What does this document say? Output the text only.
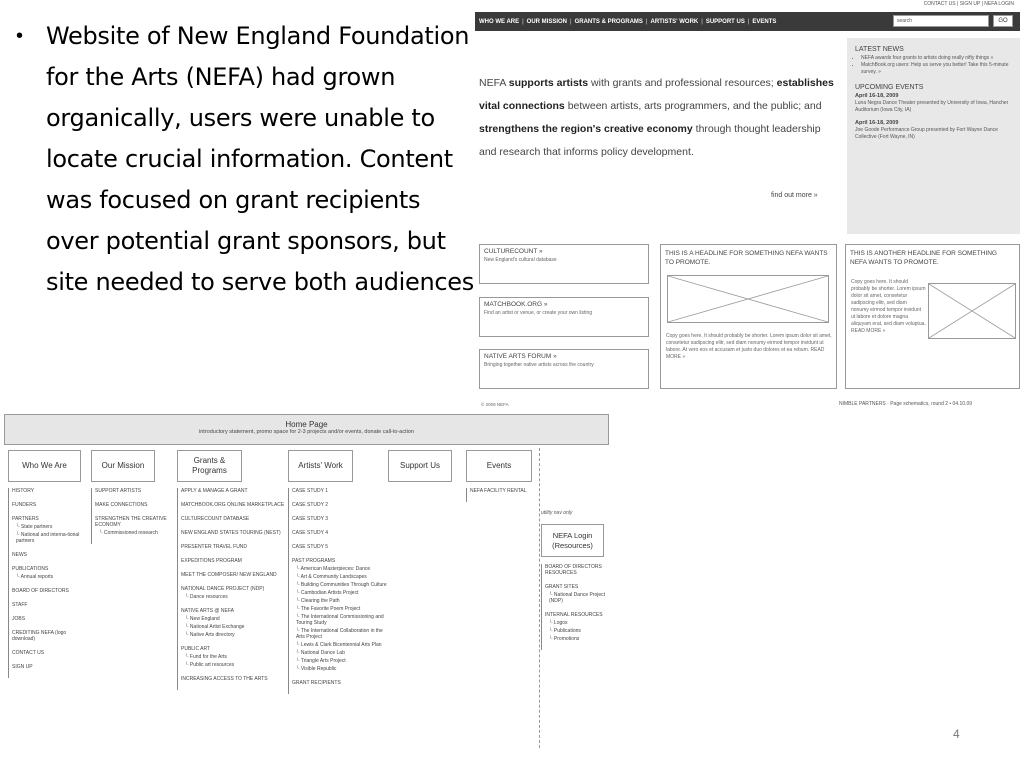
• Website of New England Foundation for the Arts (NEFA) had grown organically, users were unable to locate crucial information. Content was focused on grant recipients over potential grant sponsors, but site needed to serve both audiences
CONTACT US | SIGN UP | NEFA LOGIN
WHO WE ARE | OUR MISSION | GRANTS & PROGRAMS | ARTISTS' WORK | SUPPORT US | EVENTS	search	GO
NEFA supports artists with grants and professional resources; establishes vital connections between artists, arts programmers, and the public; and strengthens the region's creative economy through thought leadership and research that informs policy development.
find out more »
LATEST NEWS
• NEFA awards four grants to artists doing really nifty things »
• MatchBook.org users: Help us serve you better! Take this 5-minute survey. »
UPCOMING EVENTS
April 16-18, 2009
Luna Negra Dance Theater presented by University of Iowa, Hancher Auditorium (Iowa City, IA)
April 16-18, 2009
Joe Goode Performance Group presented by Fort Wayne Dance Collective (Fort Wayne, IN)
CULTURECOUNT »
New England's cultural database
MATCHBOOK.ORG »
Find an artist or venue, or create your own listing
NATIVE ARTS FORUM »
Bringing together native artists across the country
THIS IS A HEADLINE FOR SOMETHING NEFA WANTS TO PROMOTE.
Copy goes here. It should probably be shorter. Lorem ipsum dolor sit amet, consetetur sadipscing elitr, sed diam nonumy eirmod tempor invidunt ut labore. At vero eos et accusam et justo duo dolores et ea rebum. READ MORE »
THIS IS ANOTHER HEADLINE FOR SOMETHING NEFA WANTS TO PROMOTE.
Copy goes here. It should probably be shorter. Lorem ipsum dolor sit amet, consetetur sadipscing elitr, sed diam nonumy eirmod tempor invidunt ut labore et dolore magna aliquyam erat, sed diam voluptua. READ MORE »
© 2009 NEFA	NIMBLE PARTNERS · Page schematics, round 2 • 04.10.09
Home Page
introductory statement, promo space for 2-3 projects and/or events, donate call-to-action
Who We Are	Our Mission
Grants & Programs
Artists' Work	Support Us	Events
HISTORY
FUNDERS
PARTNERS
└ State partners
└ National and interna-tional partners
NEWS
PUBLICATIONS
└ Annual reports
BOARD OF DIRECTORS
STAFF
JOBS
CREDITING NEFA (logo download)
CONTACT US
SIGN UP
SUPPORT ARTISTS
MAKE CONNECTIONS
STRENGTHEN THE CREATIVE ECONOMY
└ Commissioned research
APPLY & MANAGE A GRANT
MATCHBOOK.ORG ONLINE MARKETPLACE
CULTURECOUNT DATABASE
NEW ENGLAND STATES TOURING (NEST)
PRESENTER TRAVEL FUND
EXPEDITIONS PROGRAM
MEET THE COMPOSER/ NEW ENGLAND
NATIONAL DANCE PROJECT (NDP)
└ Dance resources
NATIVE ARTS @ NEFA
└ New England
└ National Artist Exchange
└ Native Arts directory
PUBLIC ART
└ Fund for the Arts
└ Public art resources
INCREASING ACCESS TO THE ARTS
CASE STUDY 1
CASE STUDY 2
CASE STUDY 3
CASE STUDY 4
CASE STUDY 5
PAST PROGRAMS
└ American Masterpieces: Dance
└ Art & Community Landscapes
└ Building Communities Through Culture
└ Cambodian Artists Project
└ Clearing the Path
└ The Favorite Poem Project
└ The International Commissioning and Touring Study
└ The International Collaboration in the Arts Project
└ Lewis & Clark Bicentennial Arts Plan
└ National Dance Lab
└ Triangle Arts Project
└ Visible Republic
GRANT RECIPIENTS
NEFA FACILITY RENTAL
utility nav only
NEFA Login (Resources)
BOARD OF DIRECTORS RESOURCES
GRANT SITES
└ National Dance Project (NDP)
INTERNAL RESOURCES
└ Logos
└ Publications
└ Promotions
4
